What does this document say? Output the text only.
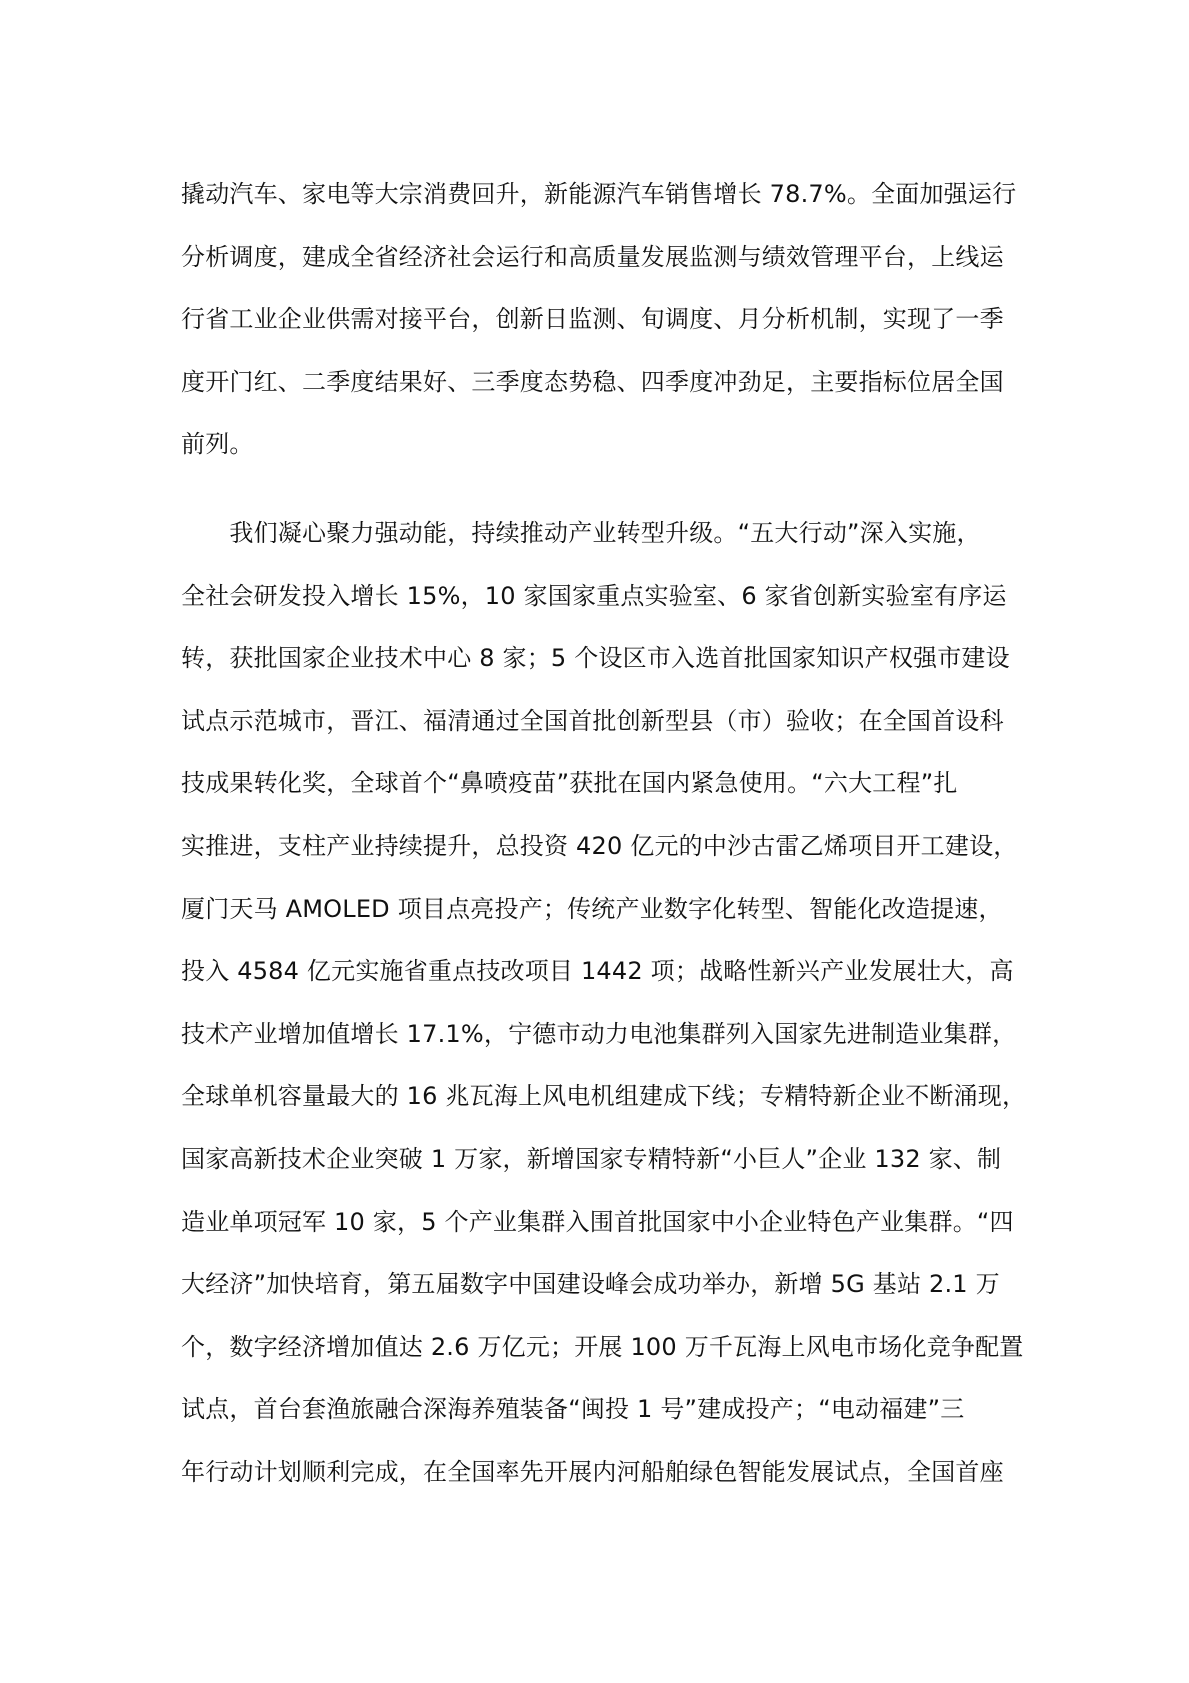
撬动汽车、家电等大宗消费回升，新能源汽车销售增长 78.7%。全面加强运行
分析调度，建成全省经济社会运行和高质量发展监测与绩效管理平台，上线运
行省工业企业供需对接平台，创新日监测、旬调度、月分析机制，实现了一季
度开门红、二季度结果好、三季度态势稳、四季度冲劲足，主要指标位居全国
前列。
　　我们凝心聚力强动能，持续推动产业转型升级。“五大行动”深入实施，
全社会研发投入增长 15%，10 家国家重点实验室、6 家省创新实验室有序运
转，获批国家企业技术中心 8 家；5 个设区市入选首批国家知识产权强市建设
试点示范城市，晋江、福清通过全国首批创新型县（市）验收；在全国首设科
技成果转化奖，全球首个“鼻喷疫苗”获批在国内紧急使用。“六大工程”扎
实推进，支柱产业持续提升，总投资 420 亿元的中沙古雷乙烯项目开工建设，
厦门天马 AMOLED 项目点亮投产；传统产业数字化转型、智能化改造提速，
投入 4584 亿元实施省重点技改项目 1442 项；战略性新兴产业发展壮大，高
技术产业增加值增长 17.1%，宁德市动力电池集群列入国家先进制造业集群，
全球单机容量最大的 16 兆瓦海上风电机组建成下线；专精特新企业不断涌现，
国家高新技术企业突破 1 万家，新增国家专精特新“小巨人”企业 132 家、制
造业单项冠军 10 家，5 个产业集群入围首批国家中小企业特色产业集群。“四
大经济”加快培育，第五届数字中国建设峰会成功举办，新增 5G 基站 2.1 万
个，数字经济增加值达 2.6 万亿元；开展 100 万千瓦海上风电市场化竞争配置
试点，首台套渔旅融合深海养殖装备“闽投 1 号”建成投产；“电动福建”三
年行动计划顺利完成，在全国率先开展内河船舶绿色智能发展试点，全国首座
